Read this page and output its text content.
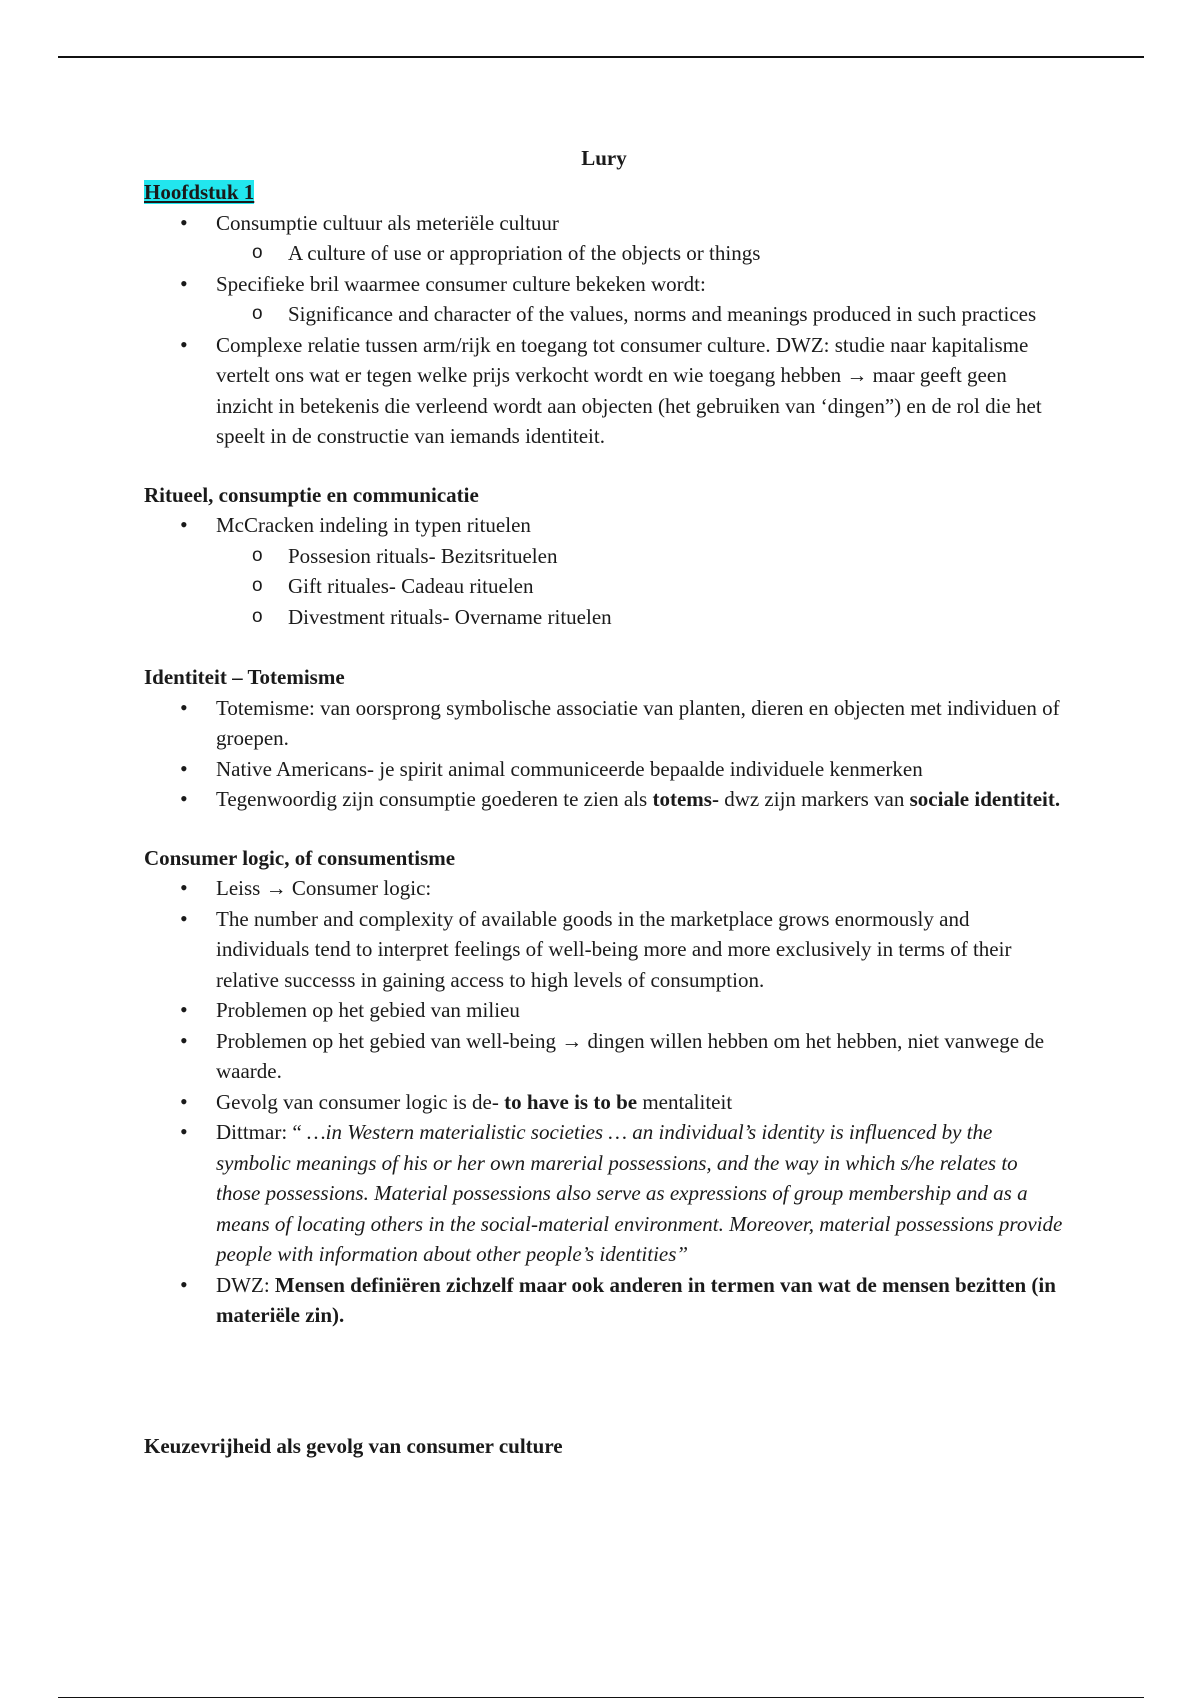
Lury
Hoofdstuk 1
• Consumptie cultuur als meteriële cultuur
o A culture of use or appropriation of the objects or things
• Specifieke bril waarmee consumer culture bekeken wordt:
o Significance and character of the values, norms and meanings produced in such practices
• Complexe relatie tussen arm/rijk en toegang tot consumer culture. DWZ: studie naar kapitalisme vertelt ons wat er tegen welke prijs verkocht wordt en wie toegang hebben → maar geeft geen inzicht in betekenis die verleend wordt aan objecten (het gebruiken van ‘dingen”) en de rol die het speelt in de constructie van iemands identiteit.
Ritueel, consumptie en communicatie
• McCracken indeling in typen rituelen
o Possesion rituals- Bezitsrituelen
o Gift rituales- Cadeau rituelen
o Divestment rituals- Overname rituelen
Identiteit – Totemisme
• Totemisme: van oorsprong symbolische associatie van planten, dieren en objecten met individuen of groepen.
• Native Americans- je spirit animal communiceerde bepaalde individuele kenmerken
• Tegenwoordig zijn consumptie goederen te zien als totems- dwz zijn markers van sociale identiteit.
Consumer logic, of consumentisme
• Leiss → Consumer logic:
• The number and complexity of available goods in the marketplace grows enormously and individuals tend to interpret feelings of well-being more and more exclusively in terms of their relative successs in gaining access to high levels of consumption.
• Problemen op het gebied van milieu
• Problemen op het gebied van well-being → dingen willen hebben om het hebben, niet vanwege de waarde.
• Gevolg van consumer logic is de- to have is to be mentaliteit
• Dittmar: “ …in Western materialistic societies … an individual’s identity is influenced by the symbolic meanings of his or her own marerial possessions, and the way in which s/he relates to those possessions. Material possessions also serve as expressions of group membership and as a means of locating others in the social-material environment. Moreover, material possessions provide people with information about other people’s identities”
• DWZ: Mensen definiëren zichzelf maar ook anderen in termen van wat de mensen bezitten (in materiële zin).
Keuzevrijheid als gevolg van consumer culture
